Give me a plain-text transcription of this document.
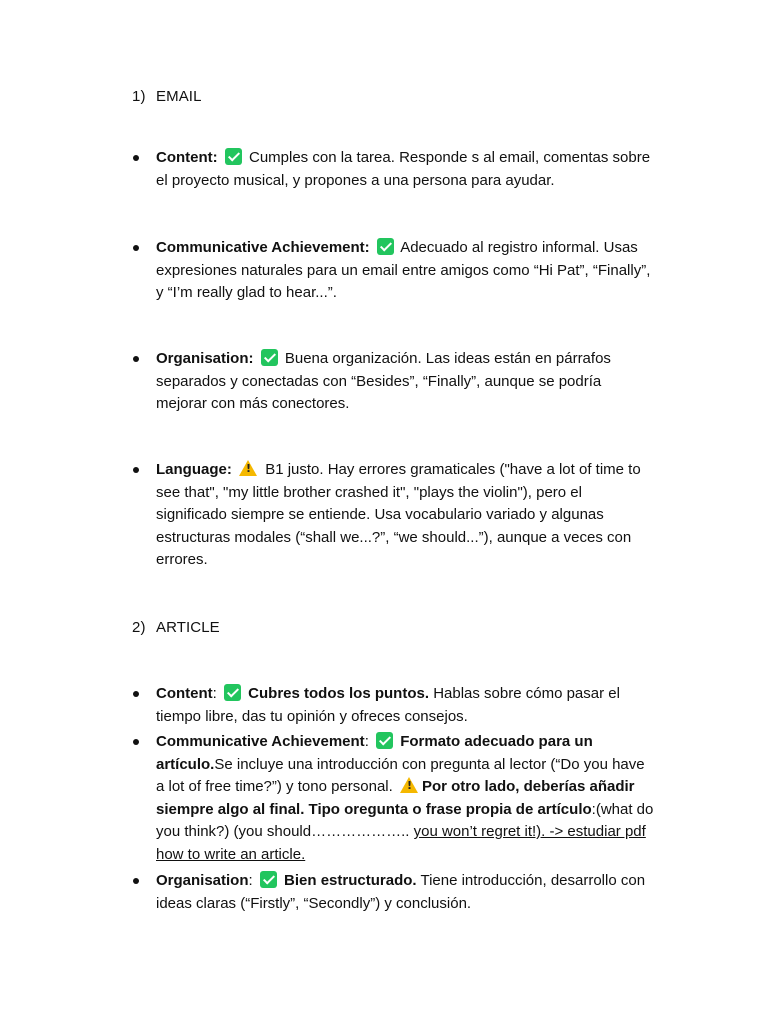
1) EMAIL
Content: Cumples con la tarea. Responde s al email, comentas sobre el proyecto musical, y propones a una persona para ayudar.
Communicative Achievement: Adecuado al registro informal. Usas expresiones naturales para un email entre amigos como “Hi Pat”, “Finally”, y “I’m really glad to hear...”.
Organisation: Buena organización. Las ideas están en párrafos separados y conectadas con “Besides”, “Finally”, aunque se podría mejorar con más conectores.
Language: ! B1 justo. Hay errores gramaticales ("have a lot of time to see that", "my little brother crashed it", "plays the violin"), pero el significado siempre se entiende. Usa vocabulario variado y algunas estructuras modales (“shall we...?”, “we should...”), aunque a veces con errores.
2) ARTICLE
Content: Cubres todos los puntos. Hablas sobre cómo pasar el tiempo libre, das tu opinión y ofreces consejos.
Communicative Achievement: Formato adecuado para un artículo.Se incluye una introducción con pregunta al lector (“Do you have a lot of free time?”) y tono personal. ! Por otro lado, deberías añadir siempre algo al final. Tipo oregunta o frase propia de artículo:(what do you think?) (you should……………….. you won’t regret it!). -> estudiar pdf how to write an article.
Organisation: Bien estructurado. Tiene introducción, desarrollo con ideas claras (“Firstly”, “Secondly”) y conclusión.
